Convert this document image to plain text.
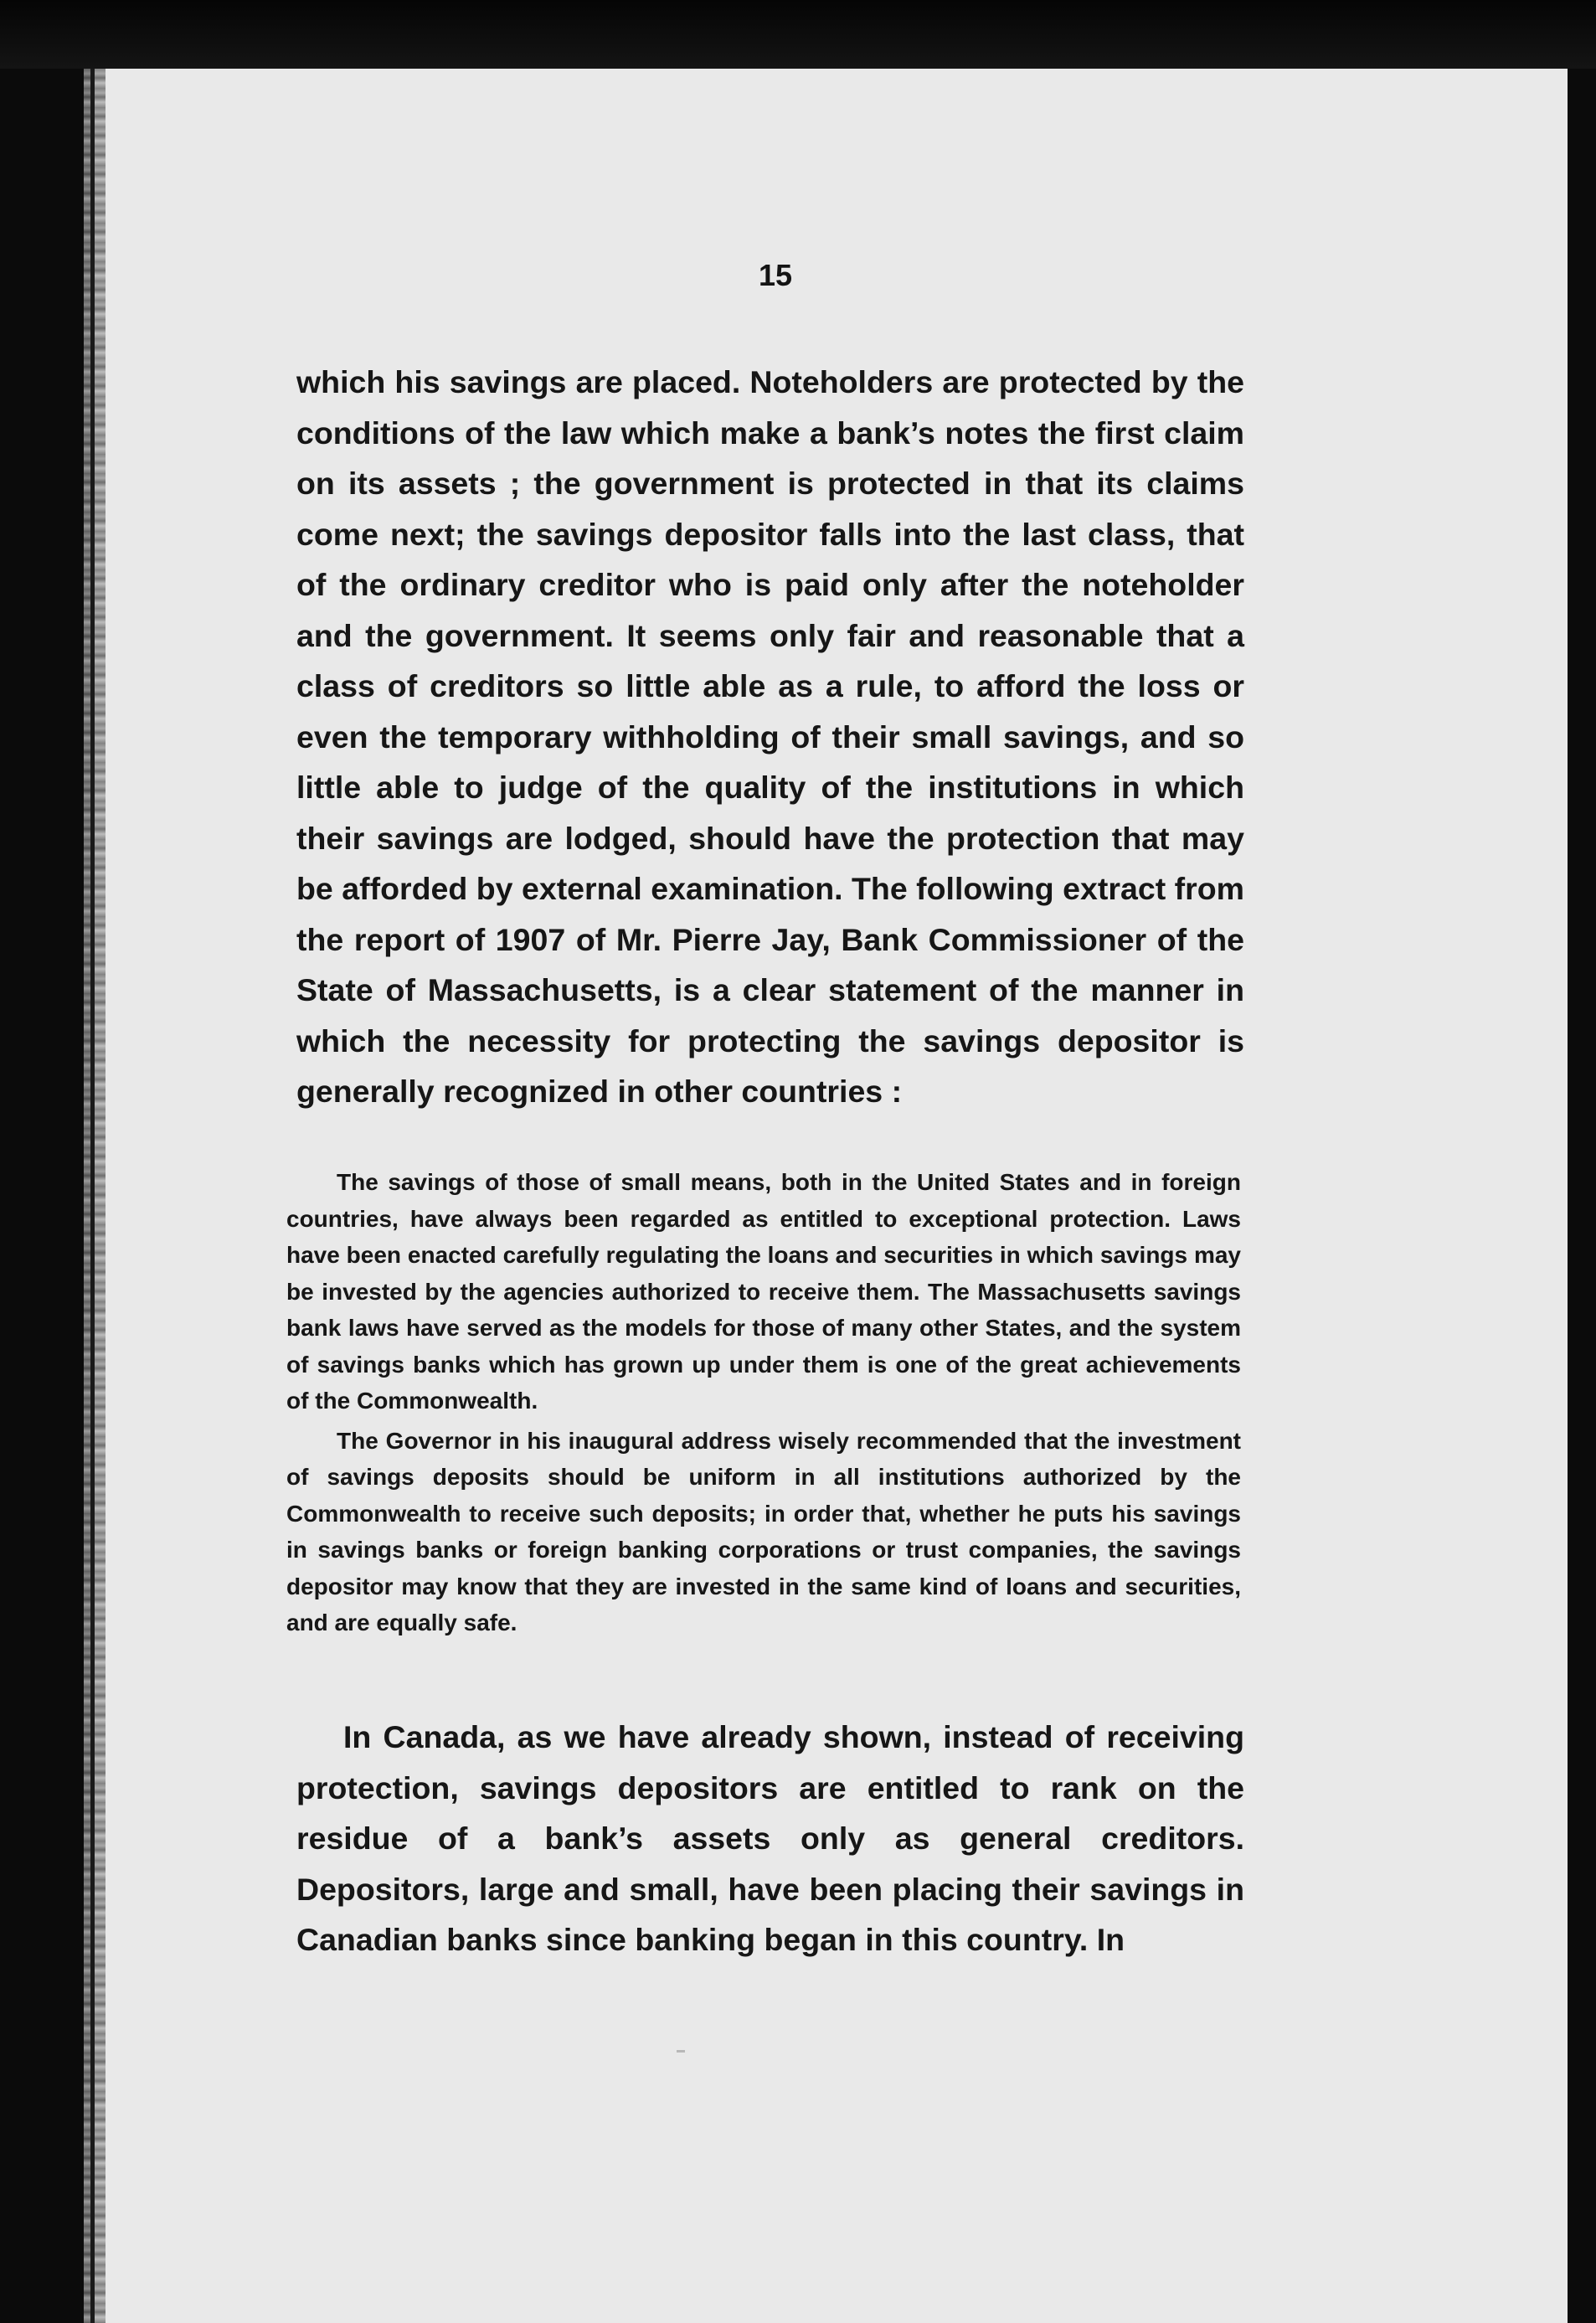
15

which his savings are placed. Noteholders are protected by the conditions of the law which make a bank’s notes the first claim on its assets ; the government is protected in that its claims come next; the savings depositor falls into the last class, that of the ordinary creditor who is paid only after the noteholder and the government. It seems only fair and reasonable that a class of creditors so little able as a rule, to afford the loss or even the temporary withholding of their small savings, and so little able to judge of the quality of the institutions in which their savings are lodged, should have the protection that may be afforded by external examination. The following extract from the report of 1907 of Mr. Pierre Jay, Bank Commissioner of the State of Massachusetts, is a clear statement of the manner in which the necessity for protecting the savings depositor is generally recognized in other countries :

The savings of those of small means, both in the United States and in foreign countries, have always been regarded as entitled to exceptional protection. Laws have been enacted carefully regulating the loans and securities in which savings may be invested by the agencies authorized to receive them. The Massachusetts savings bank laws have served as the models for those of many other States, and the system of savings banks which has grown up under them is one of the great achievements of the Commonwealth.

The Governor in his inaugural address wisely recommended that the investment of savings deposits should be uniform in all institutions authorized by the Commonwealth to receive such deposits; in order that, whether he puts his savings in savings banks or foreign banking corporations or trust companies, the savings depositor may know that they are invested in the same kind of loans and securities, and are equally safe.

In Canada, as we have already shown, instead of receiving protection, savings depositors are entitled to rank on the residue of a bank’s assets only as general creditors. Depositors, large and small, have been placing their savings in Canadian banks since banking began in this country. In
